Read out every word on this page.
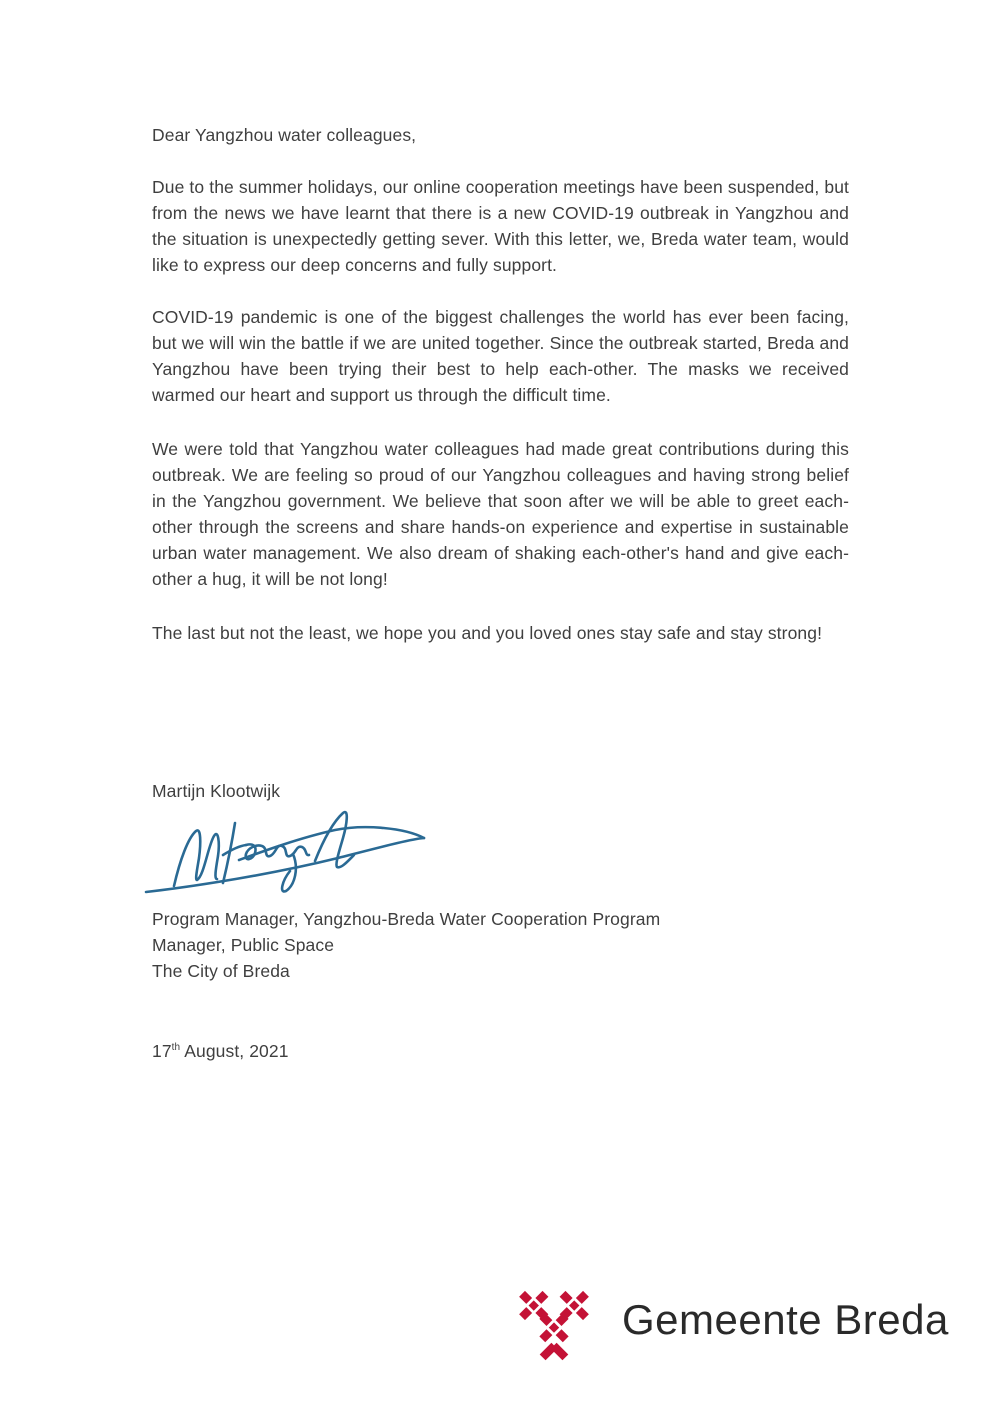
Dear Yangzhou water colleagues,

Due to the summer holidays, our online cooperation meetings have been suspended, but from the news we have learnt that there is a new COVID-19 outbreak in Yangzhou and the situation is unexpectedly getting sever. With this letter, we, Breda water team, would like to express our deep concerns and fully support.

COVID-19 pandemic is one of the biggest challenges the world has ever been facing, but we will win the battle if we are united together. Since the outbreak started, Breda and Yangzhou have been trying their best to help each-other. The masks we received warmed our heart and support us through the difficult time.

We were told that Yangzhou water colleagues had made great contributions during this outbreak. We are feeling so proud of our Yangzhou colleagues and having strong belief in the Yangzhou government. We believe that soon after we will be able to greet each-other through the screens and share hands-on experience and expertise in sustainable urban water management. We also dream of shaking each-other's hand and give each-other a hug, it will be not long!

The last but not the least, we hope you and you loved ones stay safe and stay strong!

Martijn Klootwijk

Program Manager, Yangzhou-Breda Water Cooperation Program
Manager, Public Space
The City of Breda

17th August, 2021

Gemeente Breda
